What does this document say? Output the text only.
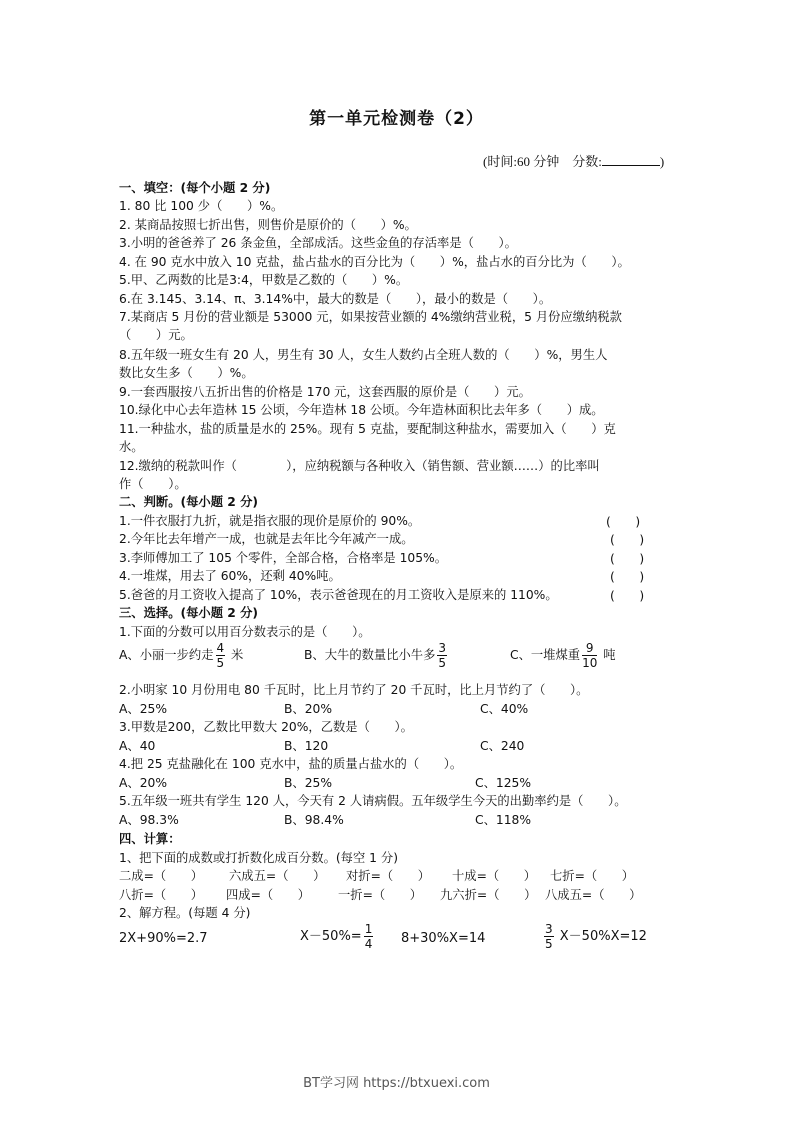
第一单元检测卷（2）
(时间:60 分钟　分数:	)
一、填空：(每个小题 2 分)
1. 80 比 100 少（　　）%。
2. 某商品按照七折出售，则售价是原价的（　　）%。
3.小明的爸爸养了 26 条金鱼，全部成活。这些金鱼的存活率是（　　）。
4. 在 90 克水中放入 10 克盐，盐占盐水的百分比为（　　）%，盐占水的百分比为（　　）。
5.甲、乙两数的比是3:4，甲数是乙数的（　　）%。
6.在 3.145、3.14、π、3.14%中，最大的数是（　　），最小的数是（　　）。
7.某商店 5 月份的营业额是 53000 元，如果按营业额的 4%缴纳营业税，5 月份应缴纳税款
（　　）元。
8.五年级一班女生有 20 人，男生有 30 人，女生人数约占全班人数的（　　）%，男生人
数比女生多（　　）%。
9.一套西服按八五折出售的价格是 170 元，这套西服的原价是（　　）元。
10.绿化中心去年造林 15 公顷，今年造林 18 公顷。今年造林面积比去年多（　　）成。
11.一种盐水，盐的质量是水的 25%。现有 5 克盐，要配制这种盐水，需要加入（　　）克
水。
12.缴纳的税款叫作（　　　　），应纳税额与各种收入（销售额、营业额……）的比率叫
作（　　）。
二、判断。(每小题 2 分)
1.一件衣服打九折，就是指衣服的现价是原价的 90%。	(　　)
2.今年比去年增产一成，也就是去年比今年减产一成。	(　　)
3.李师傅加工了 105 个零件，全部合格，合格率是 105%。	(　　)
4.一堆煤，用去了 60%，还剩 40%吨。	(　　)
5.爸爸的月工资收入提高了 10%，表示爸爸现在的月工资收入是原来的 110%。	(　　)
三、选择。(每小题 2 分)
1.下面的分数可以用百分数表示的是（　　）。
A、小丽一步约走 $\frac{4}{5}$ 米	B、大牛的数量比小牛多 $\frac{3}{5}$	C、一堆煤重 $\frac{9}{10}$ 吨
2.小明家 10 月份用电 80 千瓦时，比上月节约了 20 千瓦时，比上月节约了（　　）。
A、25%	B、20%	C、40%
3.甲数是200，乙数比甲数大 20%，乙数是（　　）。
A、40	B、120	C、240
4.把 25 克盐融化在 100 克水中，盐的质量占盐水的（　　）。
A、20%	B、25%	C、125%
5.五年级一班共有学生 120 人，今天有 2 人请病假。五年级学生今天的出勤率约是（　　）。
A、98.3%	B、98.4%	C、118%
四、计算：
1、把下面的成数或打折数化成百分数。(每空 1 分)
二成=（　　） 六成五=（　　） 对折=（　　） 十成=（　　） 七折=（　　）
八折=（　　） 四成=（　　） 一折=（　　） 九六折=（　　） 八成五=（　　）
2、解方程。(每题 4 分)
2X+90%=2.7	$X-50\%= \frac{1}{4} 8+30\%X=14$	$\frac{3}{5} X-50\%X=12$
BT学习网 https://btxuexi.com
